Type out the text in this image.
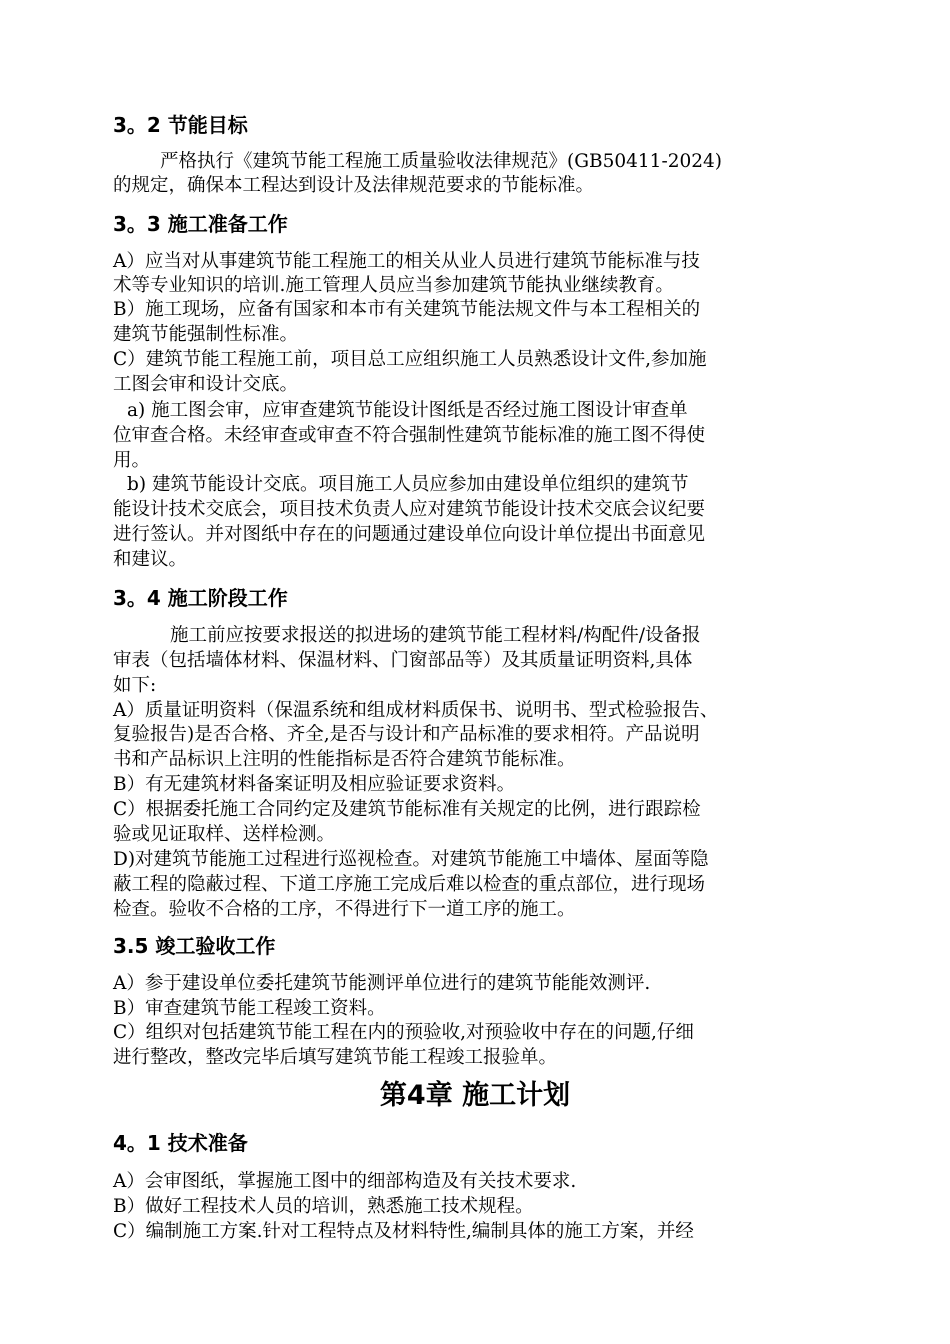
3。2 节能目标
严格执行《建筑节能工程施工质量验收法律规范》(GB50411-2024)
的规定，确保本工程达到设计及法律规范要求的节能标准。
3。3 施工准备工作
A）应当对从事建筑节能工程施工的相关从业人员进行建筑节能标准与技
术等专业知识的培训.施工管理人员应当参加建筑节能执业继续教育。
B）施工现场，应备有国家和本市有关建筑节能法规文件与本工程相关的
建筑节能强制性标准。
C）建筑节能工程施工前，项目总工应组织施工人员熟悉设计文件,参加施
工图会审和设计交底。
a) 施工图会审，应审查建筑节能设计图纸是否经过施工图设计审查单
位审查合格。未经审查或审查不符合强制性建筑节能标准的施工图不得使
用。
b) 建筑节能设计交底。项目施工人员应参加由建设单位组织的建筑节
能设计技术交底会，项目技术负责人应对建筑节能设计技术交底会议纪要
进行签认。并对图纸中存在的问题通过建设单位向设计单位提出书面意见
和建议。
3。4 施工阶段工作
施工前应按要求报送的拟进场的建筑节能工程材料/构配件/设备报
审表（包括墙体材料、保温材料、门窗部品等）及其质量证明资料,具体
如下:
A）质量证明资料（保温系统和组成材料质保书、说明书、型式检验报告、
复验报告)是否合格、齐全,是否与设计和产品标准的要求相符。产品说明
书和产品标识上注明的性能指标是否符合建筑节能标准。
B）有无建筑材料备案证明及相应验证要求资料。
C）根据委托施工合同约定及建筑节能标准有关规定的比例，进行跟踪检
验或见证取样、送样检测。
D)对建筑节能施工过程进行巡视检查。对建筑节能施工中墙体、屋面等隐
蔽工程的隐蔽过程、下道工序施工完成后难以检查的重点部位，进行现场
检查。验收不合格的工序，不得进行下一道工序的施工。
3.5 竣工验收工作
A）参于建设单位委托建筑节能测评单位进行的建筑节能能效测评.
B）审查建筑节能工程竣工资料。
C）组织对包括建筑节能工程在内的预验收,对预验收中存在的问题,仔细
进行整改，整改完毕后填写建筑节能工程竣工报验单。
第4章 施工计划
4。1 技术准备
A）会审图纸，掌握施工图中的细部构造及有关技术要求.
B）做好工程技术人员的培训，熟悉施工技术规程。
C）编制施工方案.针对工程特点及材料特性,编制具体的施工方案，并经
